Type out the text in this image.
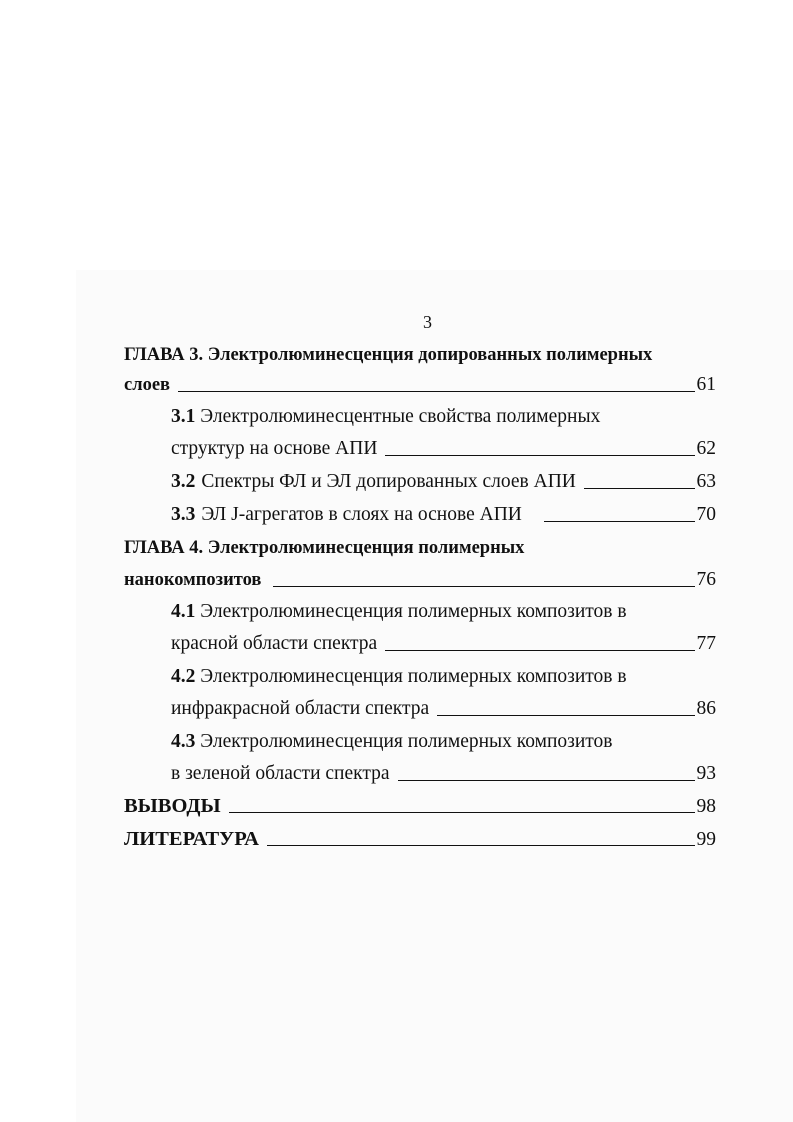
3
ГЛАВА 3. Электролюминесценция допированных полимерных
слоев	61
3.1 Электролюминесцентные свойства полимерных
структур на основе АПИ	62
3.2 Спектры ФЛ и ЭЛ допированных слоев АПИ	63
3.3 ЭЛ J-агрегатов в слоях на основе АПИ	70
ГЛАВА 4. Электролюминесценция полимерных
нанокомпозитов	76
4.1 Электролюминесценция полимерных композитов в
красной области спектра	77
4.2 Электролюминесценция полимерных композитов в
инфракрасной области спектра	86
4.3 Электролюминесценция полимерных композитов
в зеленой области спектра	93
ВЫВОДЫ	98
ЛИТЕРАТУРА	99
